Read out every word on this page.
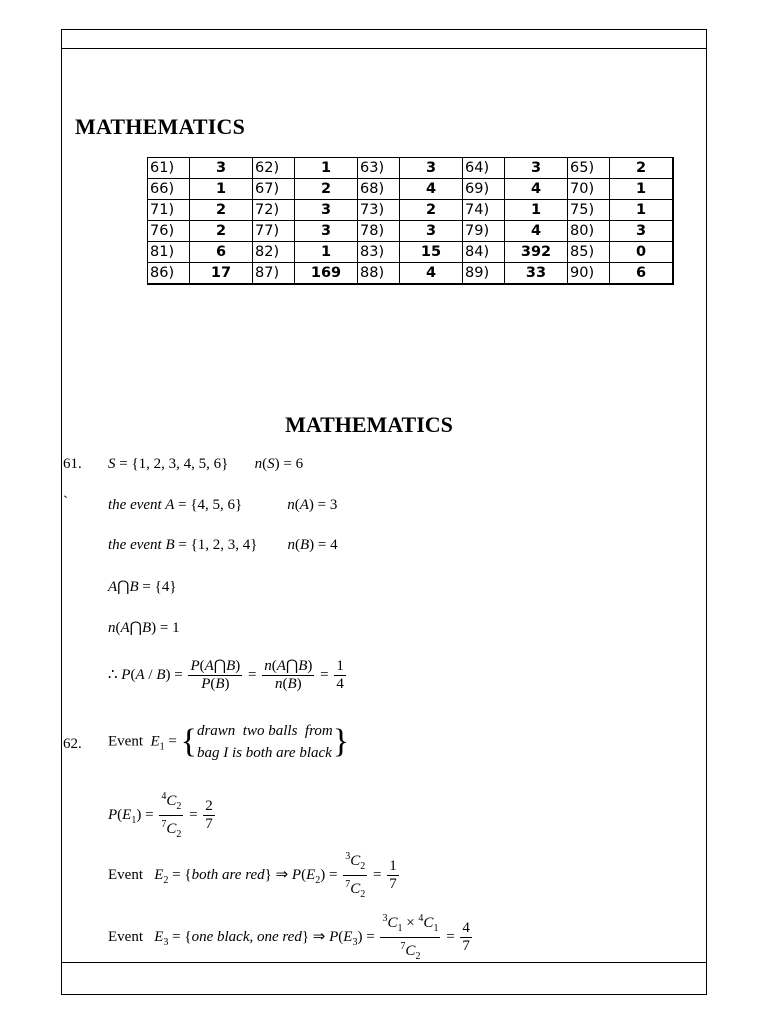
MATHEMATICS
61)	3	62)	1	63)	3	64)	3	65)	2
66)	1	67)	2	68)	4	69)	4	70)	1
71)	2	72)	3	73)	2	74)	1	75)	1
76)	2	77)	3	78)	3	79)	4	80)	3
81)	6	82)	1	83)	15	84)	392	85)	0
86)	17	87)	169	88)	4	89)	33	90)	6
MATHEMATICS
61. S = {1, 2, 3, 4, 5, 6}       n(S) = 6
`	the event A = {4, 5, 6}            n(A) = 3
the event B = {1, 2, 3, 4}        n(B) = 4
A⋂B = {4}
n(A⋂B) = 1
∴ $P(A / B) = \frac{P(A⋂B)}{P(B)} = \frac{n(A⋂B)}{n(B)} = \frac{1}{4}$
62. Event  $E_1$ = { drawn  two balls  from
bag I is both are black }
$P(E_1) = \frac{^4C_2}{^7C_2} = \frac{2}{7}$
Event   $E_2$ = {both are red} ⇒ $P(E_2) = \frac{^3C_2}{^7C_2} = \frac{1}{7}$
Event   $E_3 = \{one$ black, one red} ⇒ $P(E_3) = \frac{^3C_1 \times ^4C_1}{^7C_2} = \frac{4}{7}$
